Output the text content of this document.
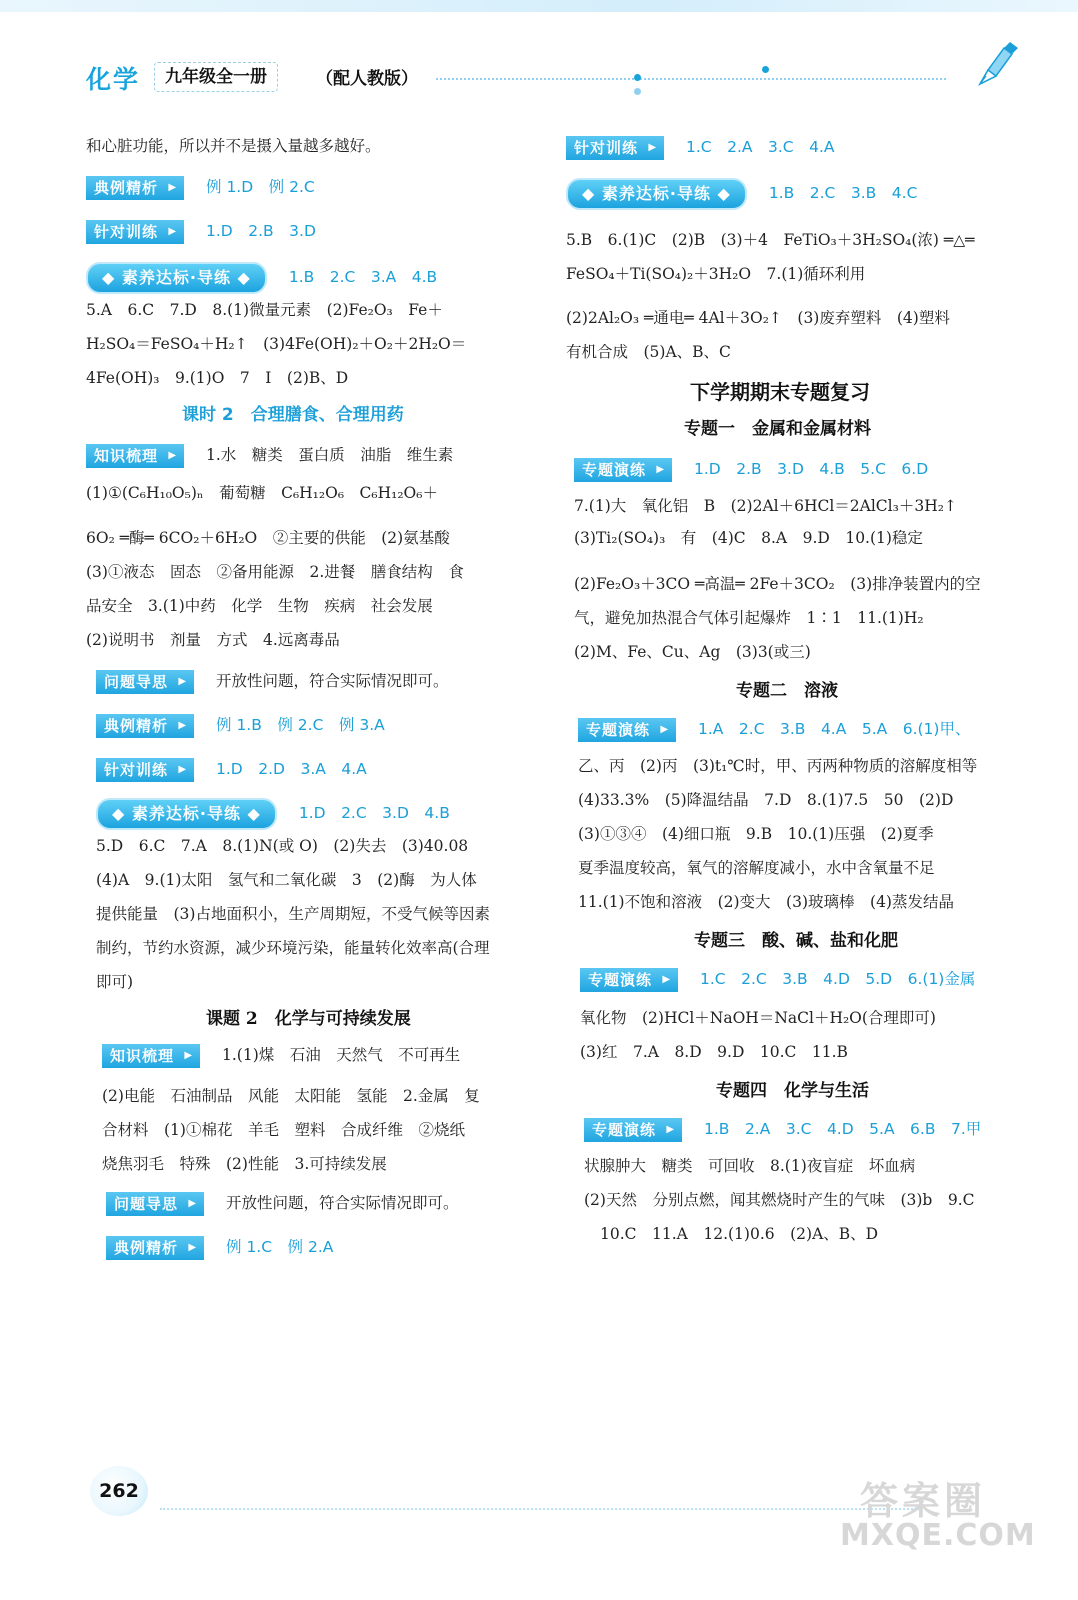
化学	九年级全一册	（配人教版）
和心脏功能，所以并不是摄入量越多越好。
典例精析 ▶	例 1.D　例 2.C
针对训练 ▶	1.D　2.B　3.D
◆ 素养达标·导练 ◆ 1.B　2.C　3.A　4.B
5.A　6.C　7.D　8.(1)微量元素　(2)Fe₂O₃　Fe＋
H₂SO₄＝FeSO₄＋H₂↑　(3)4Fe(OH)₂＋O₂＋2H₂O＝
4Fe(OH)₃　9.(1)O　7　I　(2)B、D
课时 2　合理膳食、合理用药
知识梳理 ▶	1.水　糖类　蛋白质　油脂　维生素
(1)①(C₆H₁₀O₅)ₙ　葡萄糖　C₆H₁₂O₆　C₆H₁₂O₆＋
6O₂ ═酶═ 6CO₂＋6H₂O　②主要的供能　(2)氨基酸
(3)①液态　固态　②备用能源　2.进餐　膳食结构　食
品安全　3.(1)中药　化学　生物　疾病　社会发展
(2)说明书　剂量　方式　4.远离毒品
问题导思 ▶	开放性问题，符合实际情况即可。
典例精析 ▶	例 1.B　例 2.C　例 3.A
针对训练 ▶	1.D　2.D　3.A　4.A
◆ 素养达标·导练 ◆ 1.D　2.C　3.D　4.B
5.D　6.C　7.A　8.(1)N(或 O)　(2)失去　(3)40.08
(4)A　9.(1)太阳　氢气和二氧化碳　3　(2)酶　为人体
提供能量　(3)占地面积小，生产周期短，不受气候等因素
制约，节约水资源，减少环境污染，能量转化效率高(合理
即可)
课题 2　化学与可持续发展
知识梳理 ▶	1.(1)煤　石油　天然气　不可再生
(2)电能　石油制品　风能　太阳能　氢能　2.金属　复
合材料　(1)①棉花　羊毛　塑料　合成纤维　②烧纸
烧焦羽毛　特殊　(2)性能　3.可持续发展
问题导思 ▶	开放性问题，符合实际情况即可。
典例精析 ▶	例 1.C　例 2.A
针对训练 ▶	1.C　2.A　3.C　4.A
◆ 素养达标·导练 ◆ 1.B　2.C　3.B　4.C
5.B　6.(1)C　(2)B　(3)＋4　FeTiO₃＋3H₂SO₄(浓) ═△═
FeSO₄＋Ti(SO₄)₂＋3H₂O　7.(1)循环利用
(2)2Al₂O₃ ═通电═ 4Al＋3O₂↑　(3)废弃塑料　(4)塑料
有机合成　(5)A、B、C
下学期期末专题复习
专题一　金属和金属材料
专题演练 ▶	1.D　2.B　3.D　4.B　5.C　6.D
7.(1)大　氧化铝　B　(2)2Al＋6HCl＝2AlCl₃＋3H₂↑
(3)Ti₂(SO₄)₃　有　(4)C　8.A　9.D　10.(1)稳定
(2)Fe₂O₃＋3CO ═高温═ 2Fe＋3CO₂　(3)排净装置内的空
气，避免加热混合气体引起爆炸　1∶1　11.(1)H₂
(2)M、Fe、Cu、Ag　(3)3(或三)
专题二　溶液
专题演练 ▶	1.A　2.C　3.B　4.A　5.A　6.(1)甲、
乙、丙　(2)丙　(3)t₁℃时，甲、丙两种物质的溶解度相等
(4)33.3%　(5)降温结晶　7.D　8.(1)7.5　50　(2)D
(3)①③④　(4)细口瓶　9.B　10.(1)压强　(2)夏季
夏季温度较高，氧气的溶解度减小，水中含氧量不足
11.(1)不饱和溶液　(2)变大　(3)玻璃棒　(4)蒸发结晶
专题三　酸、碱、盐和化肥
专题演练 ▶	1.C　2.C　3.B　4.D　5.D　6.(1)金属
氧化物　(2)HCl＋NaOH＝NaCl＋H₂O(合理即可)
(3)红　7.A　8.D　9.D　10.C　11.B
专题四　化学与生活
专题演练 ▶	1.B　2.A　3.C　4.D　5.A　6.B　7.甲
状腺肿大　糖类　可回收　8.(1)夜盲症　坏血病
(2)天然　分别点燃，闻其燃烧时产生的气味　(3)b　9.C
10.C　11.A　12.(1)0.6　(2)A、B、D
262	答案圈
MXQE.COM
